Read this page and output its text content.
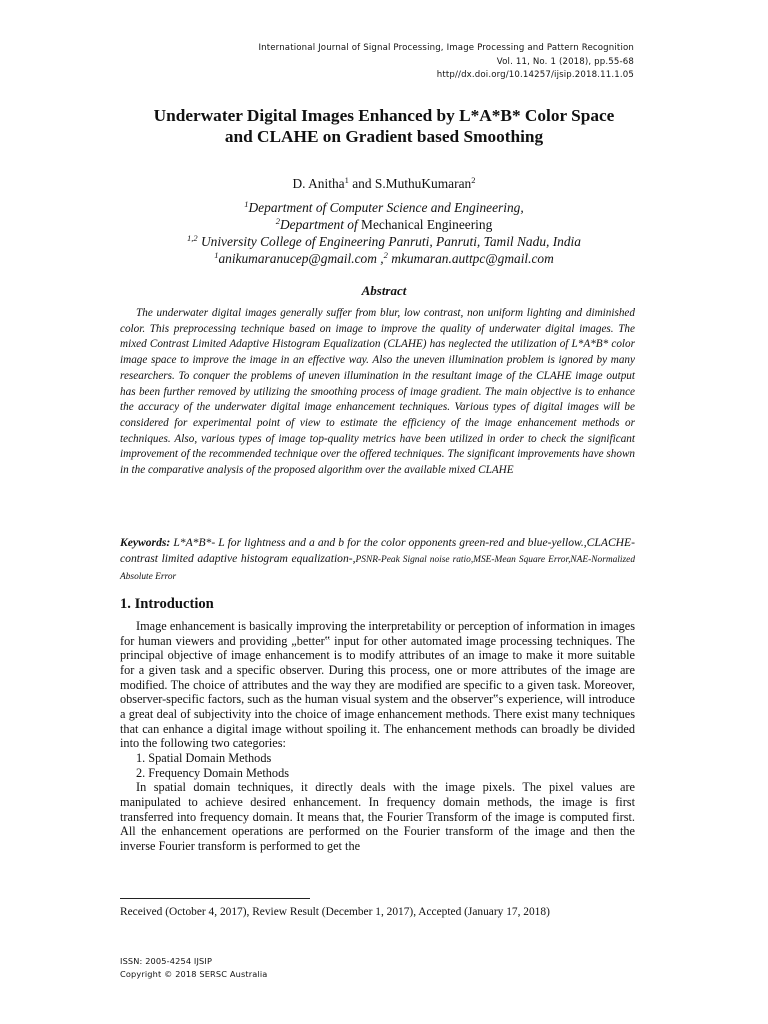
International Journal of Signal Processing, Image Processing and Pattern Recognition
Vol. 11, No. 1 (2018), pp.55-68
http//dx.doi.org/10.14257/ijsip.2018.11.1.05
Underwater Digital Images Enhanced by L*A*B* Color Space
and CLAHE on Gradient based Smoothing
D. Anitha$^1$ and S.MuthuKumaran$^2$
$^1$Department of Computer Science and Engineering,
$^2$Department of Mechanical Engineering
$^{1,2}$ University College of Engineering Panruti, Panruti, Tamil Nadu, India
$^1$anikumaranucep@gmail.com ,$^2$ mkumaran.auttpc@gmail.com
Abstract
The underwater digital images generally suffer from blur, low contrast, non uniform lighting and diminished color. This preprocessing technique based on image to improve the quality of underwater digital images. The mixed Contrast Limited Adaptive Histogram Equalization (CLAHE) has neglected the utilization of L*A*B* color image space to improve the image in an effective way. Also the uneven illumination problem is ignored by many researchers. To conquer the problems of uneven illumination in the resultant image of the CLAHE image output has been further removed by utilizing the smoothing process of image gradient. The main objective is to enhance the accuracy of the underwater digital image enhancement techniques. Various types of digital images will be considered for experimental point of view to estimate the efficiency of the image enhancement methods or techniques. Also, various types of image top-quality metrics have been utilized in order to check the significant improvement of the recommended technique over the offered techniques. The significant improvements have shown in the comparative analysis of the proposed algorithm over the available mixed CLAHE
Keywords: L*A*B*- L for lightness and a and b for the color opponents green-red and blue-yellow.,CLACHE- contrast limited adaptive histogram equalization-,PSNR-Peak Signal noise ratio,MSE-Mean Square Error,NAE-Normalized Absolute Error
1. Introduction

Image enhancement is basically improving the interpretability or perception of information in images for human viewers and providing „better‟ input for other automated image processing techniques. The principal objective of image enhancement is to modify attributes of an image to make it more suitable for a given task and a specific observer. During this process, one or more attributes of the image are modified. The choice of attributes and the way they are modified are specific to a given task. Moreover, observer-specific factors, such as the human visual system and the observer‟s experience, will introduce a great deal of subjectivity into the choice of image enhancement methods. There exist many techniques that can enhance a digital image without spoiling it. The enhancement methods can broadly be divided into the following two categories:

1. Spatial Domain Methods

2. Frequency Domain Methods

In spatial domain techniques, it directly deals with the image pixels. The pixel values are manipulated to achieve desired enhancement. In frequency domain methods, the image is first transferred into frequency domain. It means that, the Fourier Transform of the image is computed first. All the enhancement operations are performed on the Fourier transform of the image and then the inverse Fourier transform is performed to get the

Received (October 4, 2017), Review Result (December 1, 2017), Accepted (January 17, 2018)
ISSN: 2005-4254 IJSIP
Copyright © 2018 SERSC Australia
